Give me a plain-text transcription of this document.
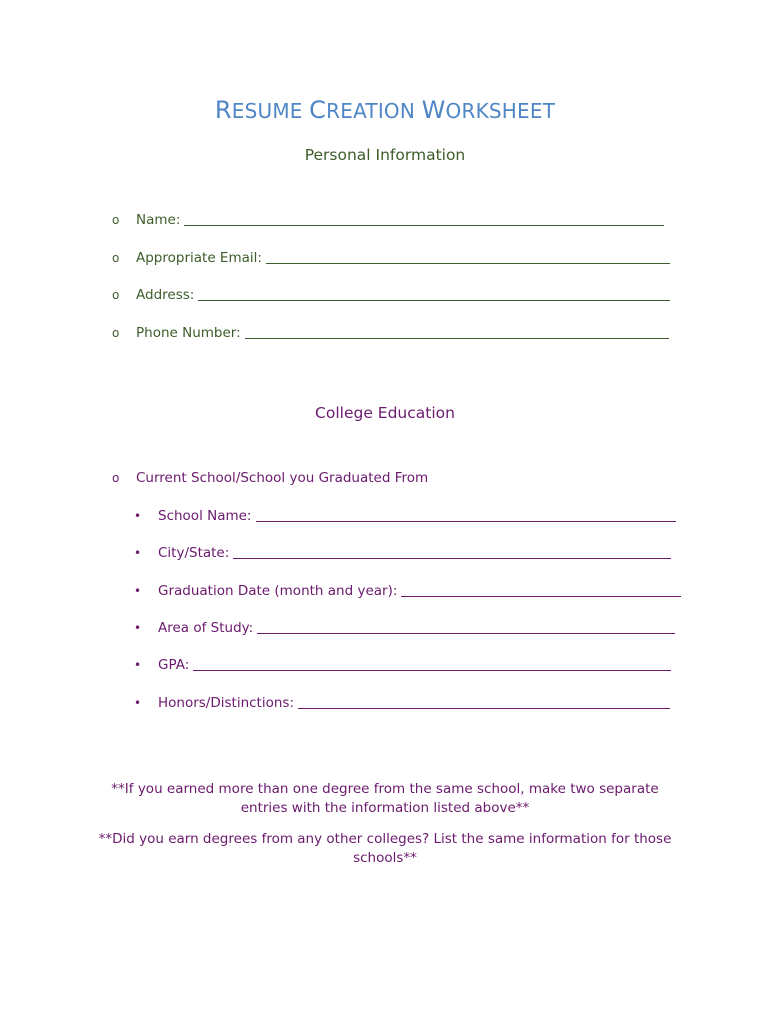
RESUME CREATION WORKSHEET
Personal Information
o	Name:
o	Appropriate Email:
o	Address:
o	Phone Number:
College Education
o	Current School/School you Graduated From
•	School Name:
•	City/State:
•	Graduation Date (month and year):
•	Area of Study:
•	GPA:
•	Honors/Distinctions:
**If you earned more than one degree from the same school, make two separate
entries with the information listed above**
**Did you earn degrees from any other colleges? List the same information for those
schools**
